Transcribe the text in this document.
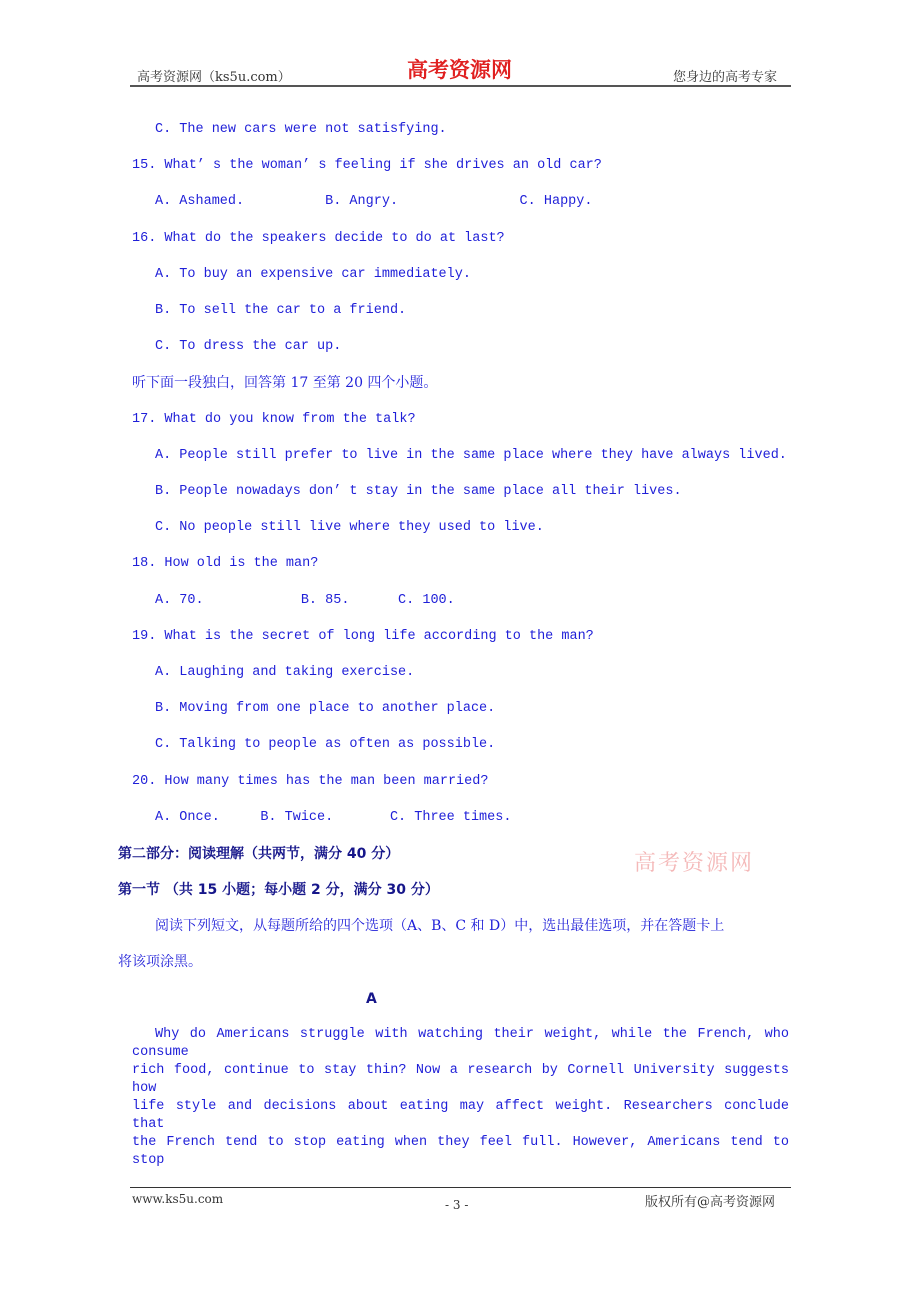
高考资源网（ks5u.com）	高考资源网	您身边的高考专家
C. The new cars were not satisfying.
15. What’ s the woman’ s feeling if she drives an old car?
A. Ashamed.          B. Angry.               C. Happy.
16. What do the speakers decide to do at last?
A. To buy an expensive car immediately.
B. To sell the car to a friend.
C. To dress the car up.
听下面一段独白，回答第 17 至第 20 四个小题。
17. What do you know from the talk?
A. People still prefer to live in the same place where they have always lived.
B. People nowadays don’ t stay in the same place all their lives.
C. No people still live where they used to live.
18. How old is the man?
A. 70.            B. 85.      C. 100.
19. What is the secret of long life according to the man?
A. Laughing and taking exercise.
B. Moving from one place to another place.
C. Talking to people as often as possible.
20. How many times has the man been married?
A. Once.     B. Twice.       C. Three times.
第二部分：阅读理解（共两节，满分 40 分）	高考资源网
第一节 （共 15 小题；每小题 2 分，满分 30 分）
阅读下列短文，从每题所给的四个选项（A、B、C 和 D）中，选出最佳选项，并在答题卡上
将该项涂黑。
A
Why do Americans struggle with watching their weight, while the French, who consume
rich food, continue to stay thin? Now a research by Cornell University suggests how
life style and decisions about eating may affect weight. Researchers conclude that
the French tend to stop eating when they feel full. However, Americans tend to stop
www.ks5u.com	- 3 -	版权所有@高考资源网
